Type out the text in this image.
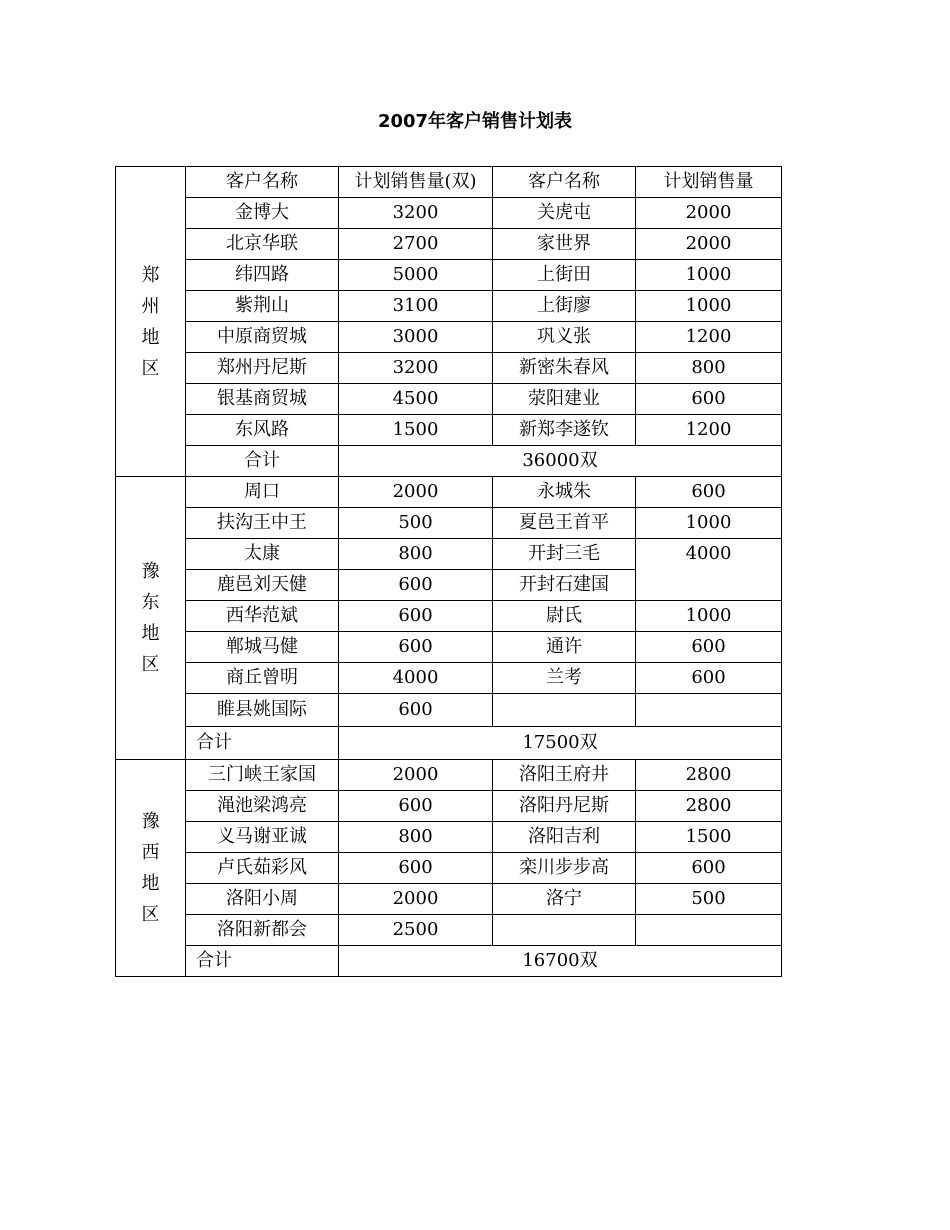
2007年客户销售计划表
郑
州
地
区	客户名称	计划销售量(双)	客户名称	计划销售量
	金博大	3200	关虎屯	2000
	北京华联	2700	家世界	2000
	纬四路	5000	上街田	1000
	紫荆山	3100	上街廖	1000
	中原商贸城	3000	巩义张	1200
	郑州丹尼斯	3200	新密朱春风	800
	银基商贸城	4500	荥阳建业	600
	东风路	1500	新郑李遂钦	1200
	合计	36000双		

豫
东
地
区	周口	2000	永城朱	600
	扶沟王中王	500	夏邑王首平	1000
	太康	800	开封三毛	4000
	鹿邑刘天健	600	开封石建国	
	西华范斌	600	尉氏	1000
	郸城马健	600	通许	600
	商丘曾明	4000	兰考	600
	睢县姚国际	600		
	合计	17500双		

豫
西
地
区	三门峡王家国	2000	洛阳王府井	2800
	渑池梁鸿亮	600	洛阳丹尼斯	2800
	义马谢亚诚	800	洛阳吉利	1500
	卢氏茹彩风	600	栾川步步高	600
	洛阳小周	2000	洛宁	500
	洛阳新都会	2500		
	合计	16700双		
